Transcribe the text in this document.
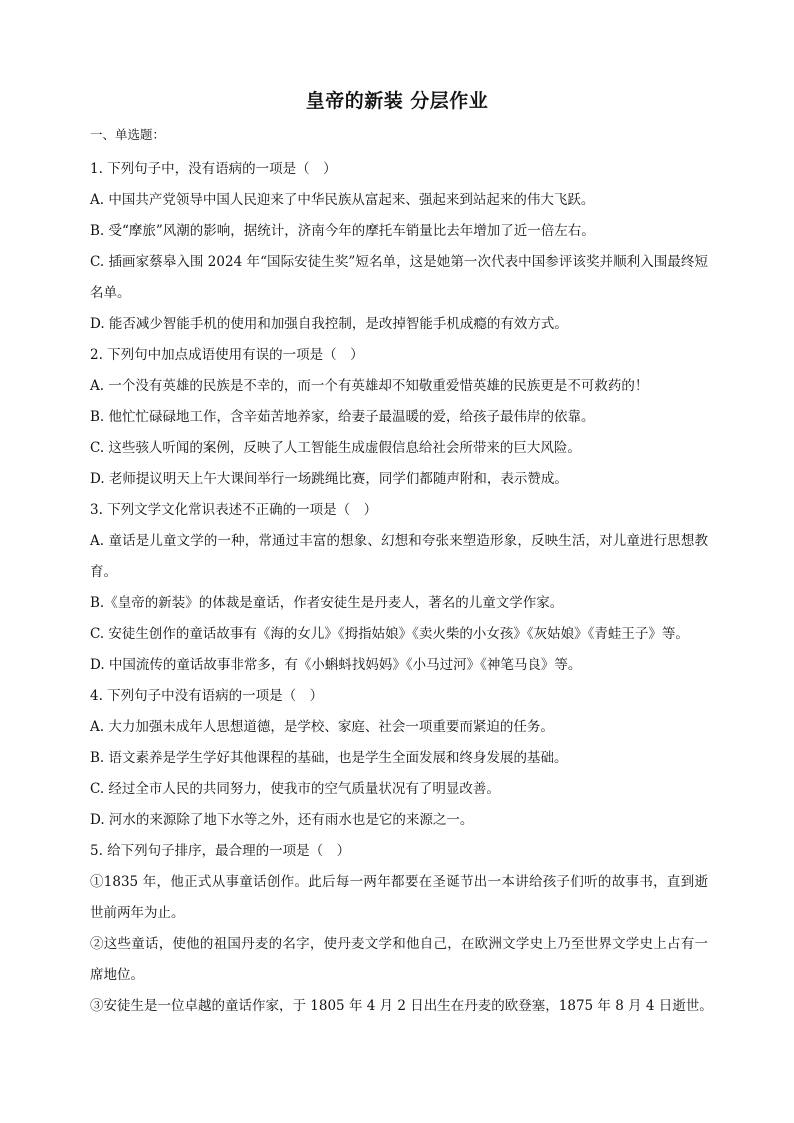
皇帝的新装 分层作业
一、单选题：
1. 下列句子中，没有语病的一项是（　）
A. 中国共产党领导中国人民迎来了中华民族从富起来、强起来到站起来的伟大飞跃。
B. 受“摩旅”风潮的影响，据统计，济南今年的摩托车销量比去年增加了近一倍左右。
C. 插画家蔡皋入围 2024 年“国际安徒生奖”短名单，这是她第一次代表中国参评该奖并顺利入围最终短名单。
D. 能否减少智能手机的使用和加强自我控制，是改掉智能手机成瘾的有效方式。
2. 下列句中加点成语使用有误的一项是（　）
A. 一个没有英雄的民族是不幸的，而一个有英雄却不知敬重爱惜英雄的民族更是不可救药的！
B. 他忙忙碌碌地工作，含辛茹苦地养家，给妻子最温暖的爱，给孩子最伟岸的依靠。
C. 这些骇人听闻的案例，反映了人工智能生成虚假信息给社会所带来的巨大风险。
D. 老师提议明天上午大课间举行一场跳绳比赛，同学们都随声附和，表示赞成。
3. 下列文学文化常识表述不正确的一项是（　）
A. 童话是儿童文学的一种，常通过丰富的想象、幻想和夸张来塑造形象，反映生活，对儿童进行思想教育。
B.《皇帝的新装》的体裁是童话，作者安徒生是丹麦人，著名的儿童文学作家。
C. 安徒生创作的童话故事有《海的女儿》《拇指姑娘》《卖火柴的小女孩》《灰姑娘》《青蛙王子》等。
D. 中国流传的童话故事非常多，有《小蝌蚪找妈妈》《小马过河》《神笔马良》等。
4. 下列句子中没有语病的一项是（　）
A. 大力加强未成年人思想道德，是学校、家庭、社会一项重要而紧迫的任务。
B. 语文素养是学生学好其他课程的基础，也是学生全面发展和终身发展的基础。
C. 经过全市人民的共同努力，使我市的空气质量状况有了明显改善。
D. 河水的来源除了地下水等之外，还有雨水也是它的来源之一。
5. 给下列句子排序，最合理的一项是（　）
①1835 年，他正式从事童话创作。此后每一两年都要在圣诞节出一本讲给孩子们听的故事书，直到逝世前两年为止。
②这些童话，使他的祖国丹麦的名字，使丹麦文学和他自己，在欧洲文学史上乃至世界文学史上占有一席地位。
③安徒生是一位卓越的童话作家，于 1805 年 4 月 2 日出生在丹麦的欧登塞，1875 年 8 月 4 日逝世。
